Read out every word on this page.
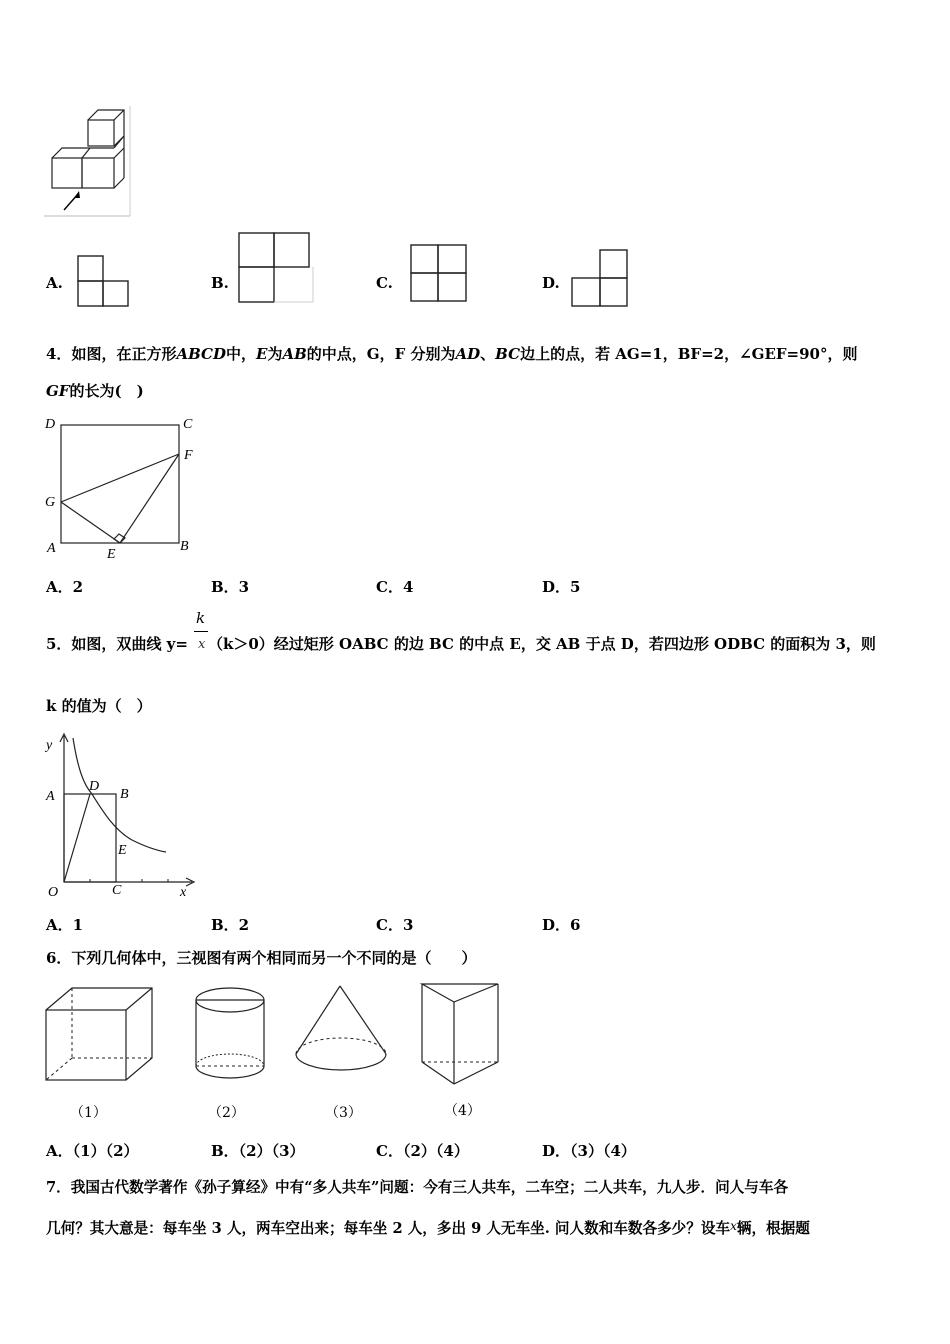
A.	B.	C.	D.
4．如图，在正方形ABCD中，E为AB的中点，G，F 分别为AD、BC边上的点，若 AG=1，BF=2，∠GEF=90°，则
GF的长为(　)
D	C
F
G
A	E
B
A．2	B．3	C．4	D．5
5．如图，双曲线 y= （k＞0）经过矩形 OABC 的边 BC 的中点 E，交 AB 于点 D，若四边形 ODBC 的面积为 3，则
k
x
k 的值为（　）
y
x
A
D
B
E
O	C
A．1	B．2	C．3	D．6
6．下列几何体中，三视图有两个相同而另一个不同的是（　　）
（1）	（2）	（3）	（4）
A．（1）（2）	B．（2）（3）	C．（2）（4）	D．（3）（4）
7．我国古代数学著作《孙子算经》中有“多人共车”问题：今有三人共车，二车空；二人共车，九人步．问人与车各
几何？其大意是：每车坐 3 人，两车空出来；每车坐 2 人，多出 9 人无车坐. 问人数和车数各多少？设车$^x$辆，根据题
